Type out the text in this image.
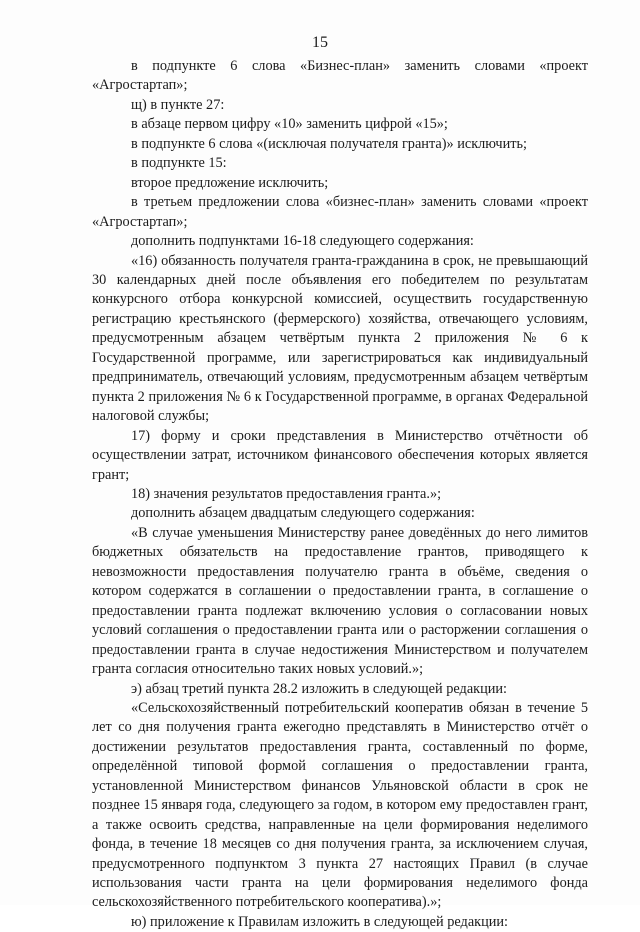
15

в подпункте 6 слова «Бизнес-план» заменить словами «проект «Агростартап»;

щ) в пункте 27:

в абзаце первом цифру «10» заменить цифрой «15»;

в подпункте 6 слова «(исключая получателя гранта)» исключить;

в подпункте 15:

второе предложение исключить;

в третьем предложении слова «бизнес-план» заменить словами «проект «Агростартап»;

дополнить подпунктами 16-18 следующего содержания:

«16) обязанность получателя гранта-гражданина в срок, не превышающий 30 календарных дней после объявления его победителем по результатам конкурсного отбора конкурсной комиссией, осуществить государственную регистрацию крестьянского (фермерского) хозяйства, отвечающего условиям, предусмотренным абзацем четвёртым пункта 2 приложения № 6 к Государственной программе, или зарегистрироваться как индивидуальный предприниматель, отвечающий условиям, предусмотренным абзацем четвёртым пункта 2 приложения № 6 к Государственной программе, в органах Федеральной налоговой службы;

17) форму и сроки представления в Министерство отчётности об осуществлении затрат, источником финансового обеспечения которых является грант;

18) значения результатов предоставления гранта.»;

дополнить абзацем двадцатым следующего содержания:

«В случае уменьшения Министерству ранее доведённых до него лимитов бюджетных обязательств на предоставление грантов, приводящего к невозможности предоставления получателю гранта в объёме, сведения о котором содержатся в соглашении о предоставлении гранта, в соглашение о предоставлении гранта подлежат включению условия о согласовании новых условий соглашения о предоставлении гранта или о расторжении соглашения о предоставлении гранта в случае недостижения Министерством и получателем гранта согласия относительно таких новых условий.»;

э) абзац третий пункта 28.2 изложить в следующей редакции:

«Сельскохозяйственный потребительский кооператив обязан в течение 5 лет со дня получения гранта ежегодно представлять в Министерство отчёт о достижении результатов предоставления гранта, составленный по форме, определённой типовой формой соглашения о предоставлении гранта, установленной Министерством финансов Ульяновской области в срок не позднее 15 января года, следующего за годом, в котором ему предоставлен грант, а также освоить средства, направленные на цели формирования неделимого фонда, в течение 18 месяцев со дня получения гранта, за исключением случая, предусмотренного подпунктом 3 пункта 27 настоящих Правил (в случае использования части гранта на цели формирования неделимого фонда сельскохозяйственного потребительского кооператива).»;

ю) приложение к Правилам изложить в следующей редакции:
